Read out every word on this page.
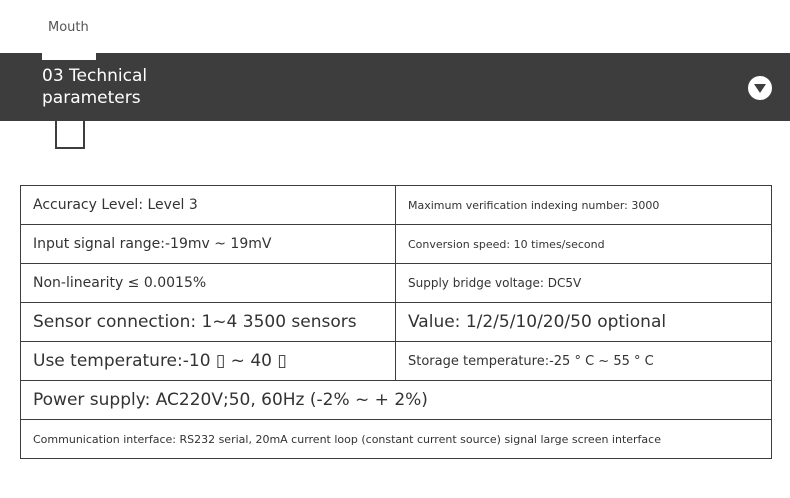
Mouth
03 Technical parameters
Accuracy Level: Level 3	Maximum verification indexing number: 3000
Input signal range:-19mv ~ 19mV	Conversion speed: 10 times/second
Non-linearity ≤ 0.0015%	Supply bridge voltage: DC5V
Sensor connection: 1~4 3500 sensors	Value: 1/2/5/10/20/50 optional
Use temperature:-10 ▯ ~ 40 ▯	Storage temperature:-25 ° C ~ 55 ° C
Power supply: AC220V;50, 60Hz (-2% ~ + 2%)	
Communication interface: RS232 serial, 20mA current loop (constant current source) signal large screen interface	
